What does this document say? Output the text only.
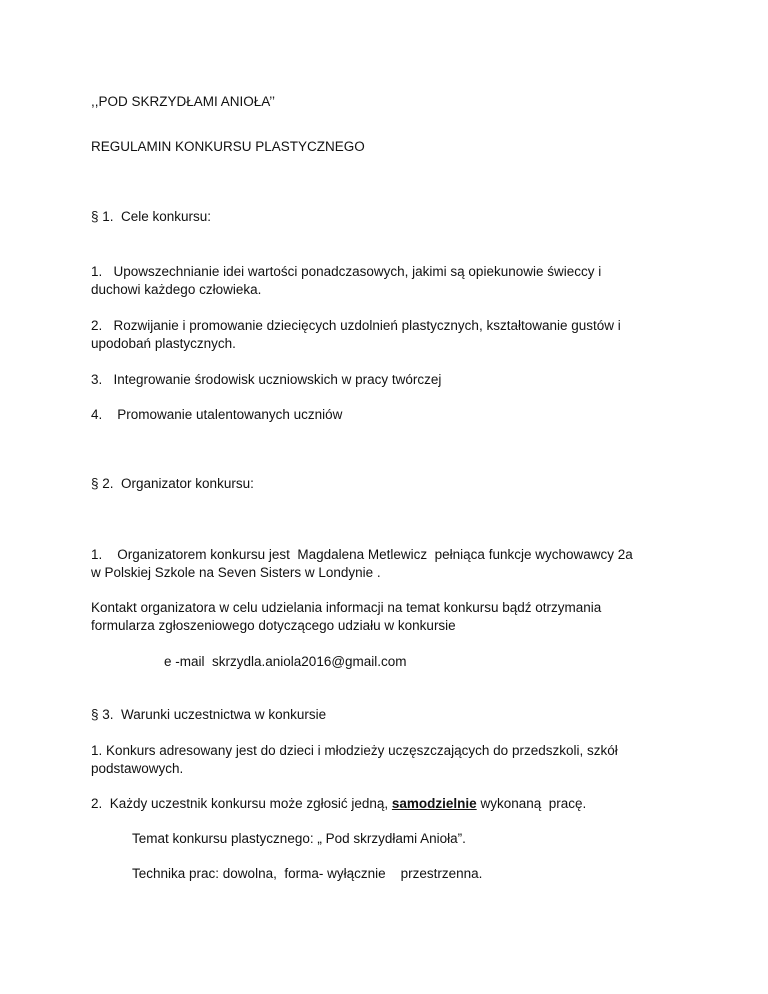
,,POD SKRZYDŁAMI ANIOŁA’’
REGULAMIN KONKURSU PLASTYCZNEGO
§ 1.  Cele konkursu:
1.   Upowszechnianie idei wartości ponadczasowych, jakimi są opiekunowie świeccy i
duchowi każdego człowieka.
2.   Rozwijanie i promowanie dziecięcych uzdolnień plastycznych, kształtowanie gustów i
upodobań plastycznych.
3.   Integrowanie środowisk uczniowskich w pracy twórczej
4.    Promowanie utalentowanych uczniów
§ 2.  Organizator konkursu:
1.    Organizatorem konkursu jest  Magdalena Metlewicz  pełniąca funkcje wychowawcy 2a
w Polskiej Szkole na Seven Sisters w Londynie .
Kontakt organizatora w celu udzielania informacji na temat konkursu bądź otrzymania
formularza zgłoszeniowego dotyczącego udziału w konkursie
e -mail  skrzydla.aniola2016@gmail.com
§ 3.  Warunki uczestnictwa w konkursie
1. Konkurs adresowany jest do dzieci i młodzieży uczęszczających do przedszkoli, szkół
podstawowych.
2.  Każdy uczestnik konkursu może zgłosić jedną, samodzielnie wykonaną  pracę.
Temat konkursu plastycznego: „ Pod skrzydłami Anioła”.
Technika prac: dowolna,  forma- wyłącznie    przestrzenna.
